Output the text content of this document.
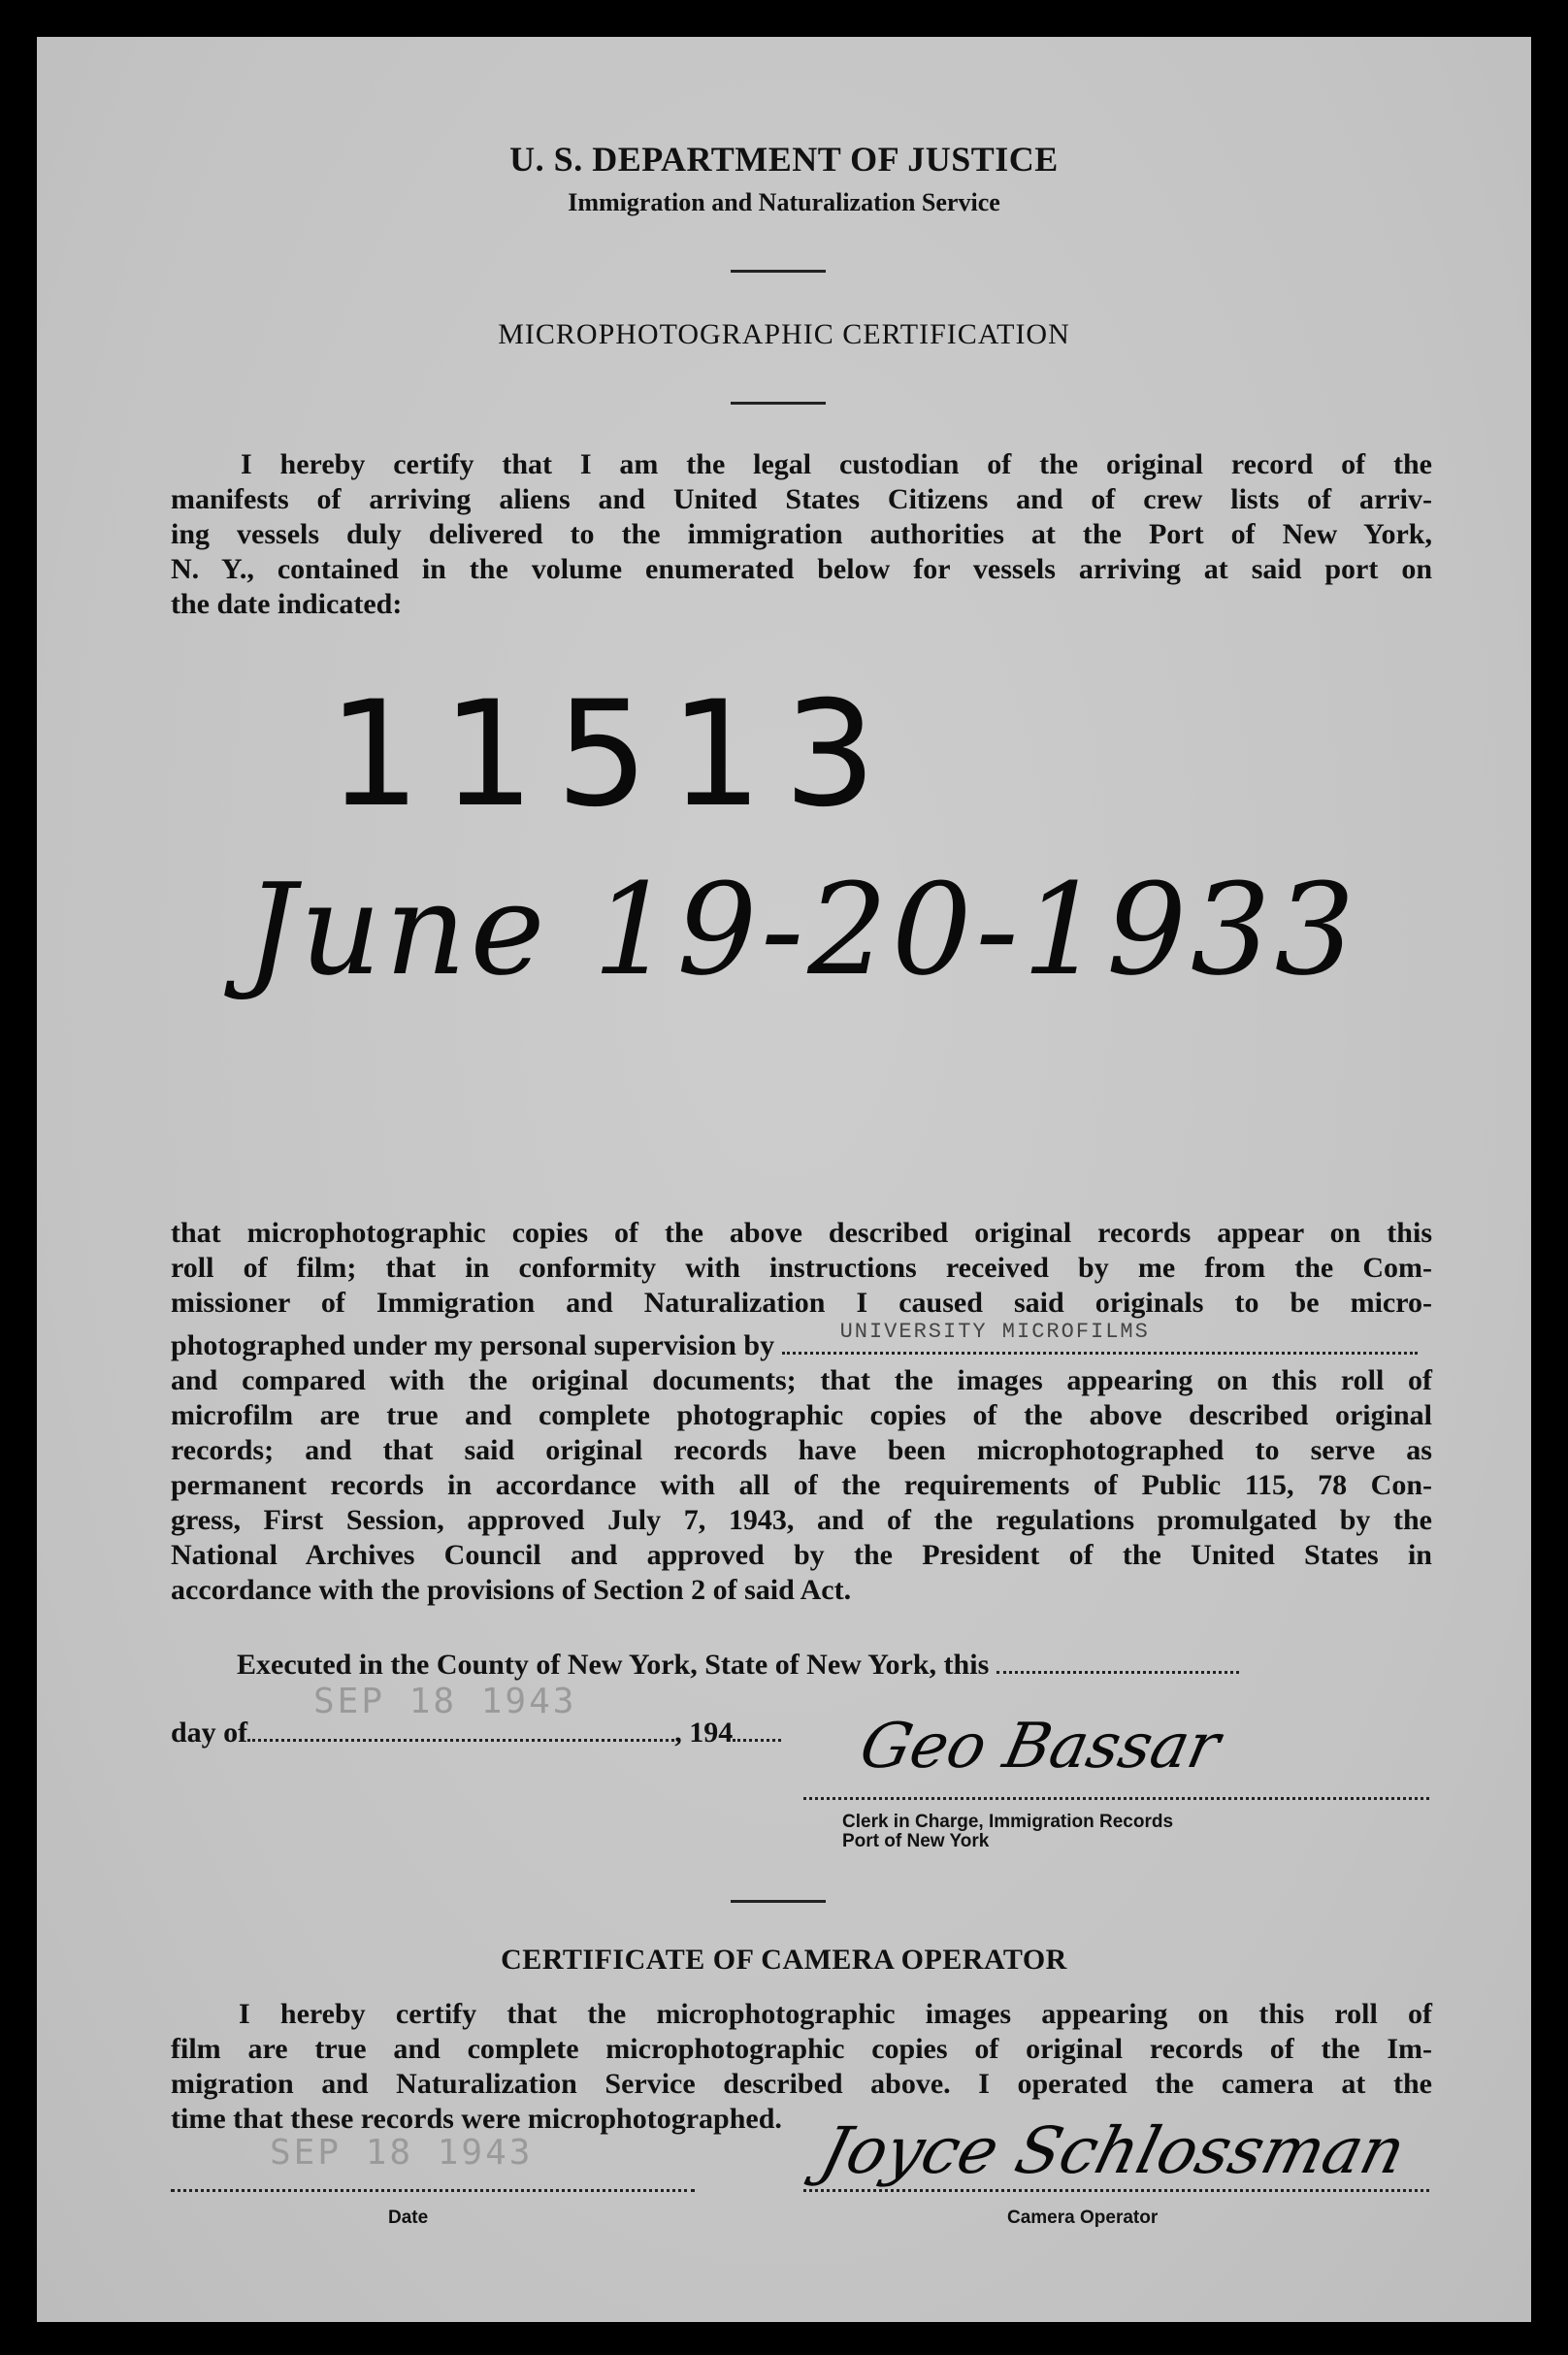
U. S. DEPARTMENT OF JUSTICE
Immigration and Naturalization Service
MICROPHOTOGRAPHIC CERTIFICATION
I hereby certify that I am the legal custodian of the original record of the
manifests of arriving aliens and United States Citizens and of crew lists of arriv-
ing vessels duly delivered to the immigration authorities at the Port of New York,
N. Y., contained in the volume enumerated below for vessels arriving at said port on
the date indicated:
11513
June 19-20-1933
that microphotographic copies of the above described original records appear on this
roll of film; that in conformity with instructions received by me from the Com-
missioner of Immigration and Naturalization I caused said originals to be micro-
photographed under my personal supervision by	UNIVERSITY MICROFILMS
and compared with the original documents; that the images appearing on this roll of
microfilm are true and complete photographic copies of the above described original
records; and that said original records have been microphotographed to serve as
permanent records in accordance with all of the requirements of Public 115, 78 Con-
gress, First Session, approved July 7, 1943, and of the regulations promulgated by the
National Archives Council and approved by the President of the United States in
accordance with the provisions of Section 2 of said Act.
Executed in the County of New York, State of New York, this
SEP 18 1943
day of	, 194	Geo Bassar
Clerk in Charge, Immigration Records
Port of New York
CERTIFICATE OF CAMERA OPERATOR
I hereby certify that the microphotographic images appearing on this roll of
film are true and complete microphotographic copies of original records of the Im-
migration and Naturalization Service described above. I operated the camera at the
time that these records were microphotographed.
SEP 18 1943
Date
Joyce Schlossman
Camera Operator
